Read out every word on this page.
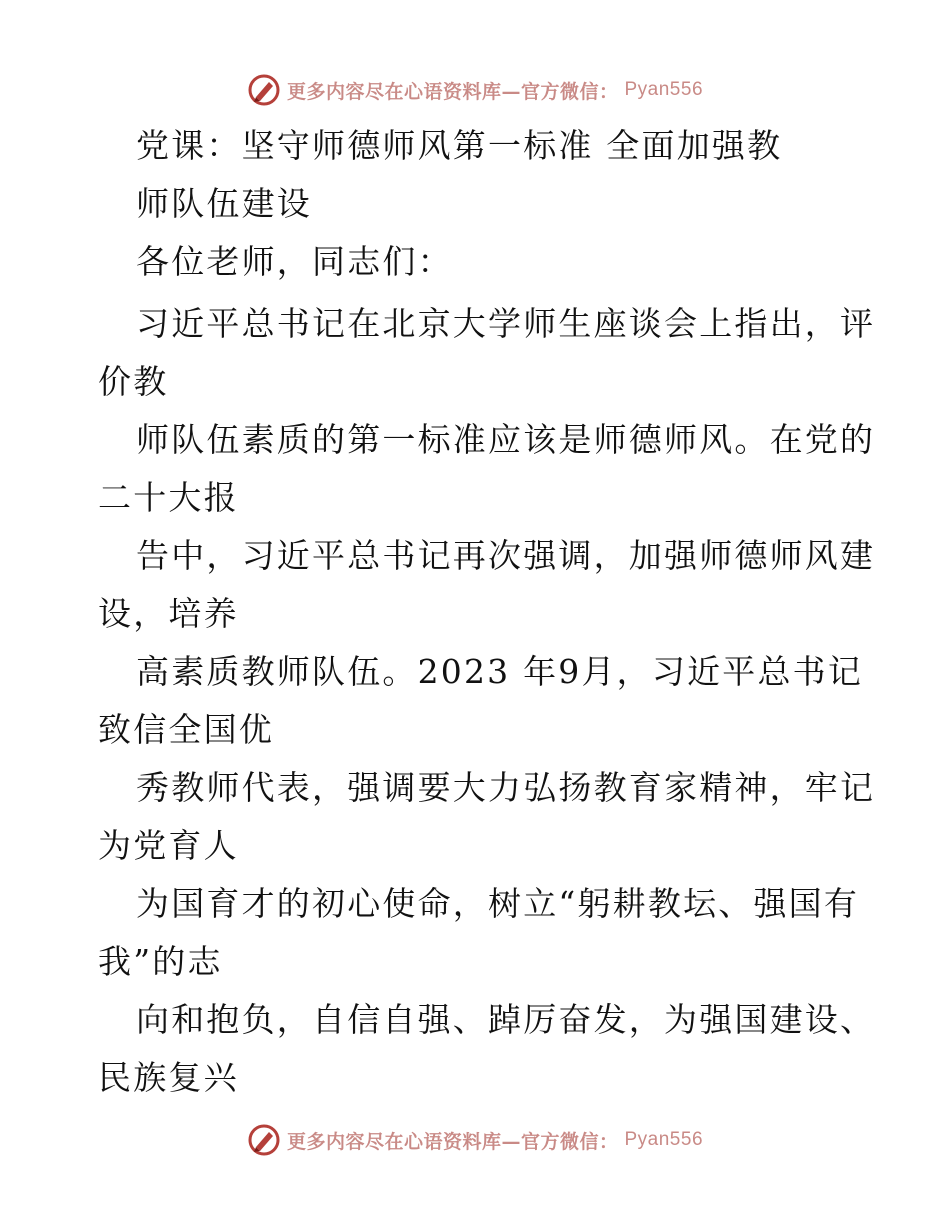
更多内容尽在心语资料库—官方微信： Pyan556
党课：坚守师德师风第一标准 全面加强教
师队伍建设
各位老师，同志们：
习近平总书记在北京大学师生座谈会上指出，评
价教
师队伍素质的第一标准应该是师德师风。在党的
二十大报
告中，习近平总书记再次强调，加强师德师风建
设，培养
高素质教师队伍。2023 年9月，习近平总书记
致信全国优
秀教师代表，强调要大力弘扬教育家精神，牢记
为党育人
为国育才的初心使命，树立“躬耕教坛、强国有
我”的志
向和抱负，自信自强、踔厉奋发，为强国建设、
民族复兴
更多内容尽在心语资料库—官方微信： Pyan556
